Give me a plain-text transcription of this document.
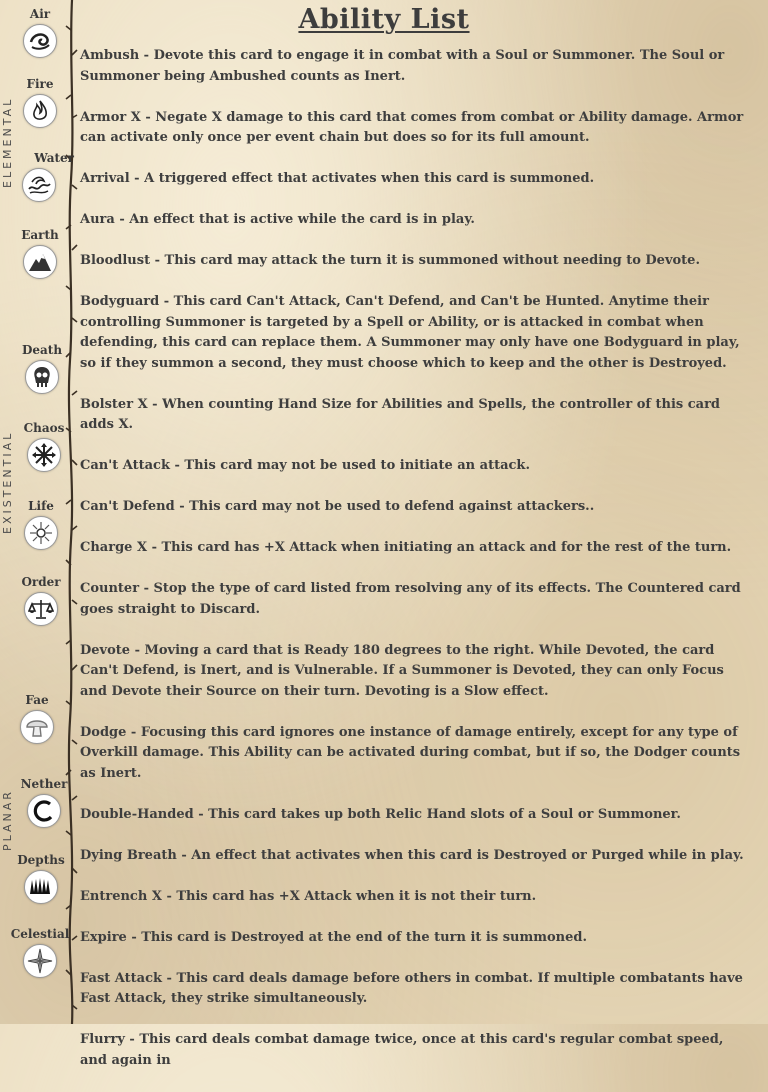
Ability List
ELEMENTAL
EXISTENTIAL
PLANAR
Air
Fire
Water
Earth
Death
Chaos
Life
Order
Fae
Nether
Depths
Celestial

Ambush - Devote this card to engage it in combat with a Soul or Summoner. The Soul or Summoner being Ambushed counts as Inert.

Armor X - Negate X damage to this card that comes from combat or Ability damage. Armor can activate only once per event chain but does so for its full amount.

Arrival - A triggered effect that activates when this card is summoned.

Aura - An effect that is active while the card is in play.

Bloodlust - This card may attack the turn it is summoned without needing to Devote.

Bodyguard - This card Can't Attack, Can't Defend, and Can't be Hunted. Anytime their controlling Summoner is targeted by a Spell or Ability, or is attacked in combat when defending, this card can replace them. A Summoner may only have one Bodyguard in play, so if they summon a second, they must choose which to keep and the other is Destroyed.

Bolster X - When counting Hand Size for Abilities and Spells, the controller of this card adds X.

Can't Attack - This card may not be used to initiate an attack.

Can't Defend - This card may not be used to defend against attackers..

Charge X - This card has +X Attack when initiating an attack and for the rest of the turn.

Counter - Stop the type of card listed from resolving any of its effects. The Countered card goes straight to Discard.

Devote - Moving a card that is Ready 180 degrees to the right. While Devoted, the card Can't Defend, is Inert, and is Vulnerable. If a Summoner is Devoted, they can only Focus and Devote their Source on their turn. Devoting is a Slow effect.

Dodge - Focusing this card ignores one instance of damage entirely, except for any type of Overkill damage. This Ability can be activated during combat, but if so, the Dodger counts as Inert.

Double-Handed - This card takes up both Relic Hand slots of a Soul or Summoner.

Dying Breath - An effect that activates when this card is Destroyed or Purged while in play.

Entrench X - This card has +X Attack when it is not their turn.

Expire - This card is Destroyed at the end of the turn it is summoned.

Fast Attack - This card deals damage before others in combat. If multiple combatants have Fast Attack, they strike simultaneously.

Flurry - This card deals combat damage twice, once at this card's regular combat speed, and again in
